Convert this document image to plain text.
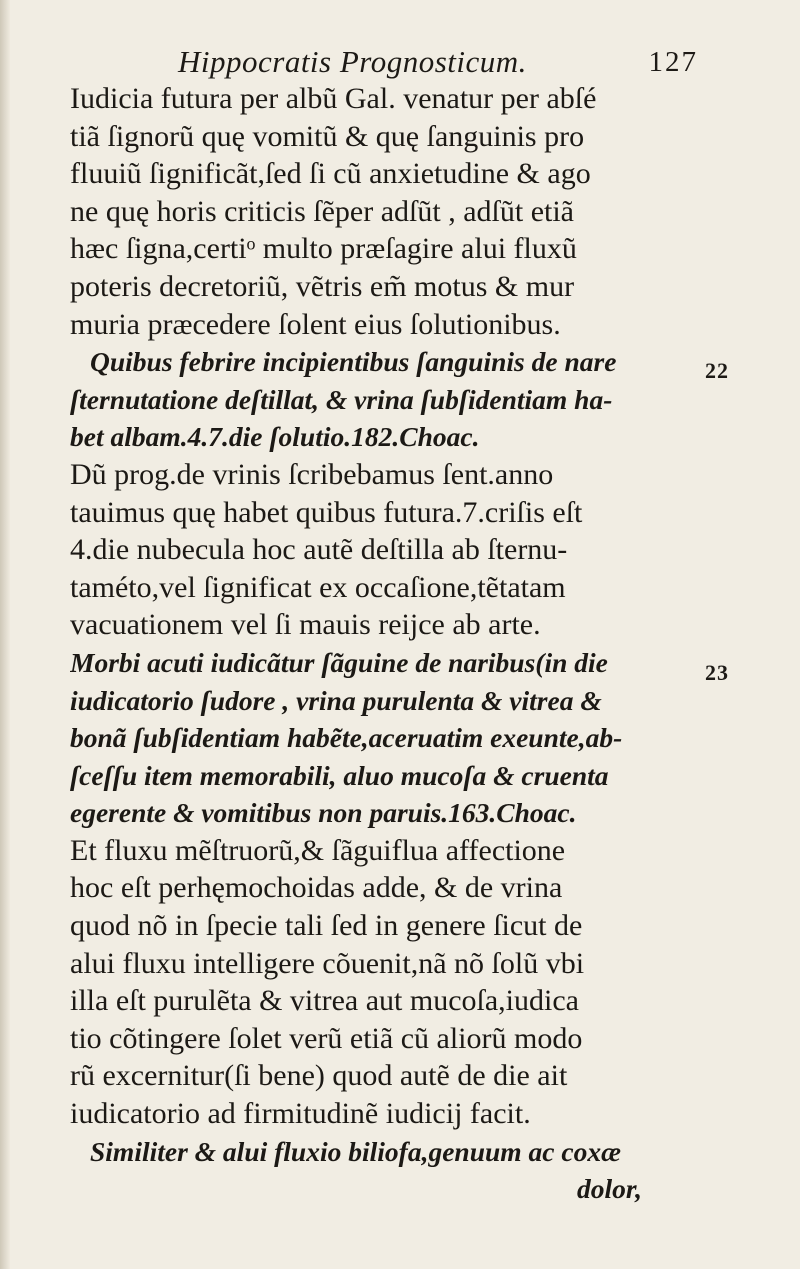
Hippocratis Prognosticum.	127
22
23
Iudicia futura per albũ Gal. venatur per abſé
tiã ſignorũ quę vomitũ & quę ſanguinis pro
fluuiũ ſignificãt,ſed ſi cũ anxietudine & ago
ne quę horis criticis ſẽper adſũt , adſũt etiã
hæc ſigna,certiᵒ multo præſagire alui fluxũ
poteris decretoriũ, vẽtris em̃ motus & mur
muria præcedere ſolent eius ſolutionibus.
Quibus febrire incipientibus ſanguinis de nare
ſternutatione deſtillat, & vrina ſubſidentiam ha-
bet albam.4.7.die ſolutio.182.Choac.
Dũ prog.de vrinis ſcribebamus ſent.anno
tauimus quę habet quibus futura.7.criſis eſt
4.die nubecula hoc autẽ deſtilla ab ſternu-
taméto,vel ſignificat ex occaſione,tẽtatam
vacuationem vel ſi mauis reijce ab arte.
Morbi acuti iudicãtur ſãguine de naribus(in die
iudicatorio ſudore , vrina purulenta & vitrea &
bonã ſubſidentiam habẽte,aceruatim exeunte,ab-
ſceſſu item memorabili, aluo mucoſa & cruenta
egerente & vomitibus non paruis.163.Choac.
Et fluxu mẽſtruorũ,& ſãguiflua affectione
hoc eſt perhęmochoidas adde, & de vrina
quod nõ in ſpecie tali ſed in genere ſicut de
alui fluxu intelligere cõuenit,nã nõ ſolũ vbi
illa eſt purulẽta & vitrea aut mucoſa,iudica
tio cõtingere ſolet verũ etiã cũ aliorũ modo
rũ excernitur(ſi bene) quod autẽ de die ait
iudicatorio ad firmitudinẽ iudicij facit.
Similiter & alui fluxio biliofa,genuum ac coxæ
dolor,
